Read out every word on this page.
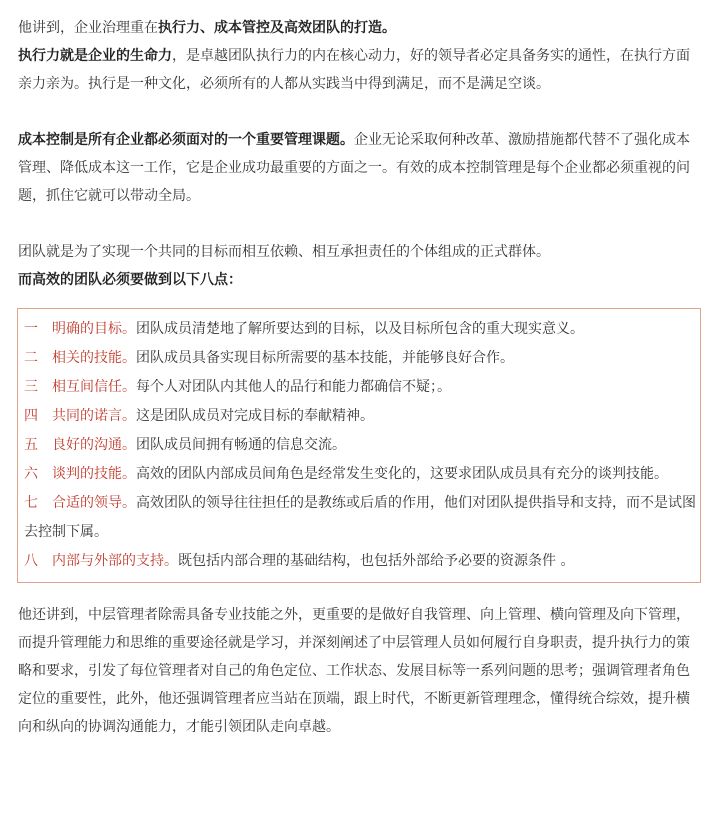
他讲到，企业治理重在执行力、成本管控及高效团队的打造。

执行力就是企业的生命力，是卓越团队执行力的内在核心动力，好的领导者必定具备务实的通性，在执行方面亲力亲为。执行是一种文化，必须所有的人都从实践当中得到满足，而不是满足空谈。

成本控制是所有企业都必须面对的一个重要管理课题。企业无论采取何种改革、激励措施都代替不了强化成本管理、降低成本这一工作，它是企业成功最重要的方面之一。有效的成本控制管理是每个企业都必须重视的问题，抓住它就可以带动全局。

团队就是为了实现一个共同的目标而相互依赖、相互承担责任的个体组成的正式群体。

而高效的团队必须要做到以下八点：

一 明确的目标。团队成员清楚地了解所要达到的目标，以及目标所包含的重大现实意义。
二 相关的技能。团队成员具备实现目标所需要的基本技能，并能够良好合作。
三 相互间信任。每个人对团队内其他人的品行和能力都确信不疑；。
四 共同的诺言。这是团队成员对完成目标的奉献精神。
五 良好的沟通。团队成员间拥有畅通的信息交流。
六 谈判的技能。高效的团队内部成员间角色是经常发生变化的，这要求团队成员具有充分的谈判技能。
七 合适的领导。高效团队的领导往往担任的是教练或后盾的作用，他们对团队提供指导和支持，而不是试图去控制下属。
八 内部与外部的支持。既包括内部合理的基础结构，也包括外部给予必要的资源条件 。

他还讲到，中层管理者除需具备专业技能之外，更重要的是做好自我管理、向上管理、横向管理及向下管理，而提升管理能力和思维的重要途径就是学习，并深刻阐述了中层管理人员如何履行自身职责，提升执行力的策略和要求，引发了每位管理者对自己的角色定位、工作状态、发展目标等一系列问题的思考；强调管理者角色定位的重要性，此外，他还强调管理者应当站在顶端，跟上时代，不断更新管理理念，懂得统合综效，提升横向和纵向的协调沟通能力，才能引领团队走向卓越。
